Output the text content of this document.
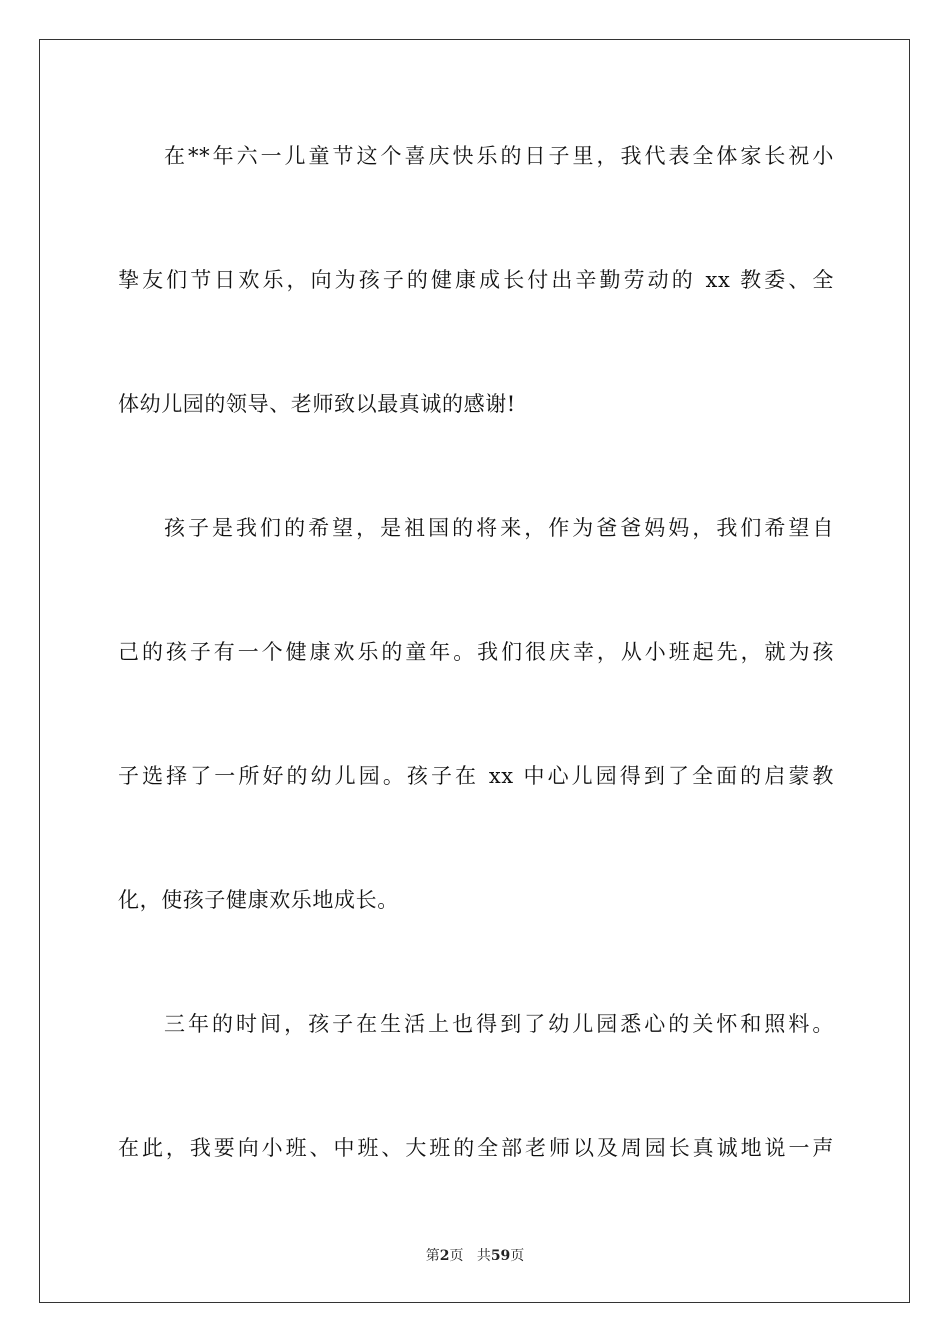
在**年六一儿童节这个喜庆快乐的日子里，我代表全体家长祝小
挚友们节日欢乐，向为孩子的健康成长付出辛勤劳动的 xx 教委、全
体幼儿园的领导、老师致以最真诚的感谢!
孩子是我们的希望，是祖国的将来，作为爸爸妈妈，我们希望自
己的孩子有一个健康欢乐的童年。我们很庆幸，从小班起先，就为孩
子选择了一所好的幼儿园。孩子在 xx 中心儿园得到了全面的启蒙教
化，使孩子健康欢乐地成长。
三年的时间，孩子在生活上也得到了幼儿园悉心的关怀和照料。
在此，我要向小班、中班、大班的全部老师以及周园长真诚地说一声
第2页 共59页
